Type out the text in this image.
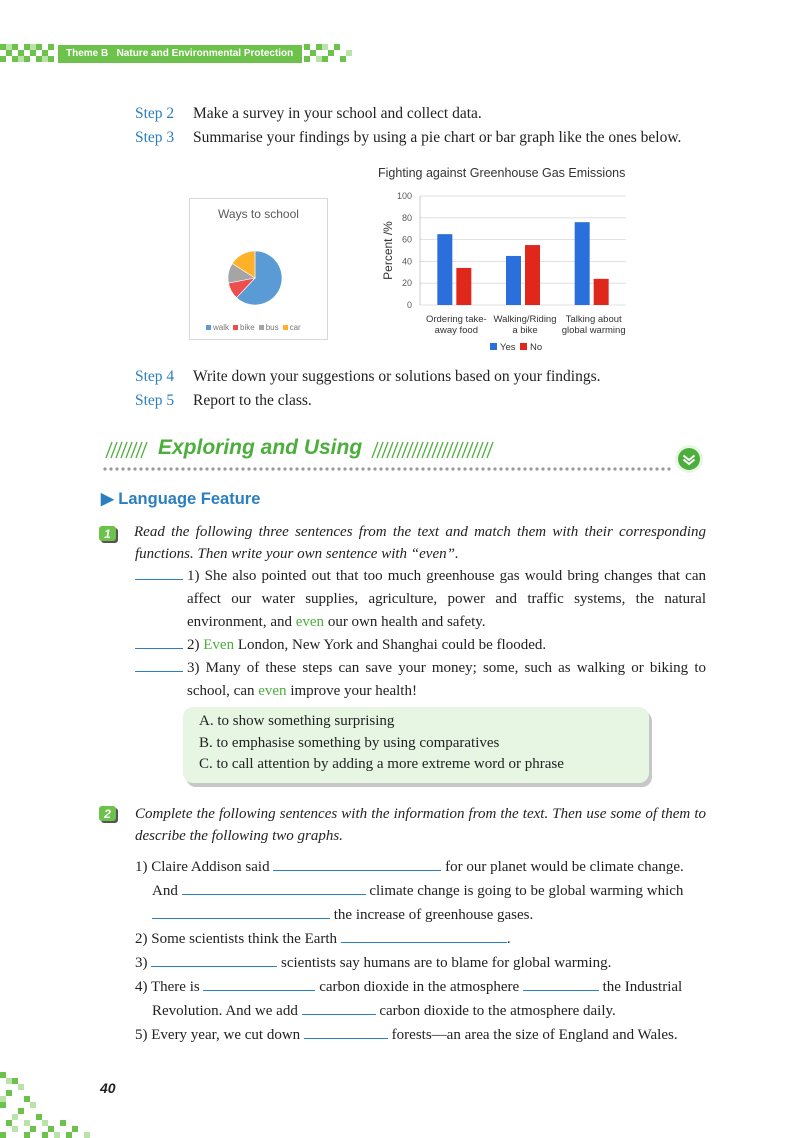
Theme B Nature and Environmental Protection
Step 2 Make a survey in your school and collect data.
Step 3 Summarise your findings by using a pie chart or bar graph like the ones below.
Ways to school
walk bike bus car
Fighting against Greenhouse Gas Emissions
0
20
40
60
80
100
Percent /%
Ordering take-
away food
Walking/Riding
a bike
Talking about
global warming
Yes No
Step 4 Write down your suggestions or solutions based on your findings.
Step 5 Report to the class.
Exploring and Using
▶ Language Feature
1 Read the following three sentences from the text and match them with their corresponding functions. Then write your own sentence with “even”.
1) She also pointed out that too much greenhouse gas would bring changes that can affect our water supplies, agriculture, power and traffic systems, the natural environment, and even our own health and safety.
2) Even London, New York and Shanghai could be flooded.
3) Many of these steps can save your money; some, such as walking or biking to school, can even improve your health!
A. to show something surprising
B. to emphasise something by using comparatives
C. to call attention by adding a more extreme word or phrase
2 Complete the following sentences with the information from the text. Then use some of them to describe the following two graphs.
1) Claire Addison said	for our planet would be climate change.
And	climate change is going to be global warming which
the increase of greenhouse gases.
2) Some scientists think the Earth	.
3)	scientists say humans are to blame for global warming.
4) There is	carbon dioxide in the atmosphere	the Industrial
Revolution. And we add	carbon dioxide to the atmosphere daily.
5) Every year, we cut down	forests—an area the size of England and Wales.
40
